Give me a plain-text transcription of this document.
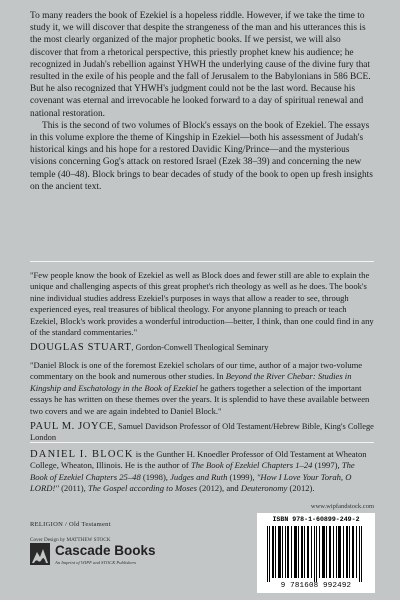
To many readers the book of Ezekiel is a hopeless riddle. However, if we take the time to study it, we will discover that despite the strangeness of the man and his utterances this is the most clearly organized of the major prophetic books. If we persist, we will also discover that from a rhetorical perspective, this priestly prophet knew his audience; he recognized in Judah's rebellion against YHWH the underlying cause of the divine fury that resulted in the exile of his people and the fall of Jerusalem to the Babylonians in 586 BCE. But he also recognized that YHWH's judgment could not be the last word. Because his covenant was eternal and irrevocable he looked forward to a day of spiritual renewal and national restoration.

This is the second of two volumes of Block's essays on the book of Ezekiel. The essays in this volume explore the theme of Kingship in Ezekiel—both his assessment of Judah's historical kings and his hope for a restored Davidic King/Prince—and the mysterious visions concerning Gog's attack on restored Israel (Ezek 38–39) and concerning the new temple (40–48). Block brings to bear decades of study of the book to open up fresh insights on the ancient text.

"Few people know the book of Ezekiel as well as Block does and fewer still are able to explain the unique and challenging aspects of this great prophet's rich theology as well as he does. The book's nine individual studies address Ezekiel's purposes in ways that allow a reader to see, through experienced eyes, real treasures of biblical theology. For anyone planning to preach or teach Ezekiel, Block's work provides a wonderful introduction—better, I think, than one could find in any of the standard commentaries."

DOUGLAS STUART, Gordon-Conwell Theological Seminary

"Daniel Block is one of the foremost Ezekiel scholars of our time, author of a major two-volume commentary on the book and numerous other studies. In Beyond the River Chebar: Studies in Kingship and Eschatology in the Book of Ezekiel he gathers together a selection of the important essays he has written on these themes over the years. It is splendid to have these available between two covers and we are again indebted to Daniel Block."

PAUL M. JOYCE, Samuel Davidson Professor of Old Testament/Hebrew Bible, King's College London
DANIEL I. BLOCK is the Gunther H. Knoedler Professor of Old Testament at Wheaton College, Wheaton, Illinois. He is the author of The Book of Ezekiel Chapters 1–24 (1997), The Book of Ezekiel Chapters 25–48 (1998), Judges and Ruth (1999), "How I Love Your Torah, O LORD!" (2011), The Gospel according to Moses (2012), and Deuteronomy (2012).
www.wipfandstock.com
RELIGION / Old Testament
Cover Design by MATTHEW STOCK
Cascade Books
An Imprint of WIPF and STOCK Publishers
ISBN 978-1-60899-249-2
9 781608 992492
